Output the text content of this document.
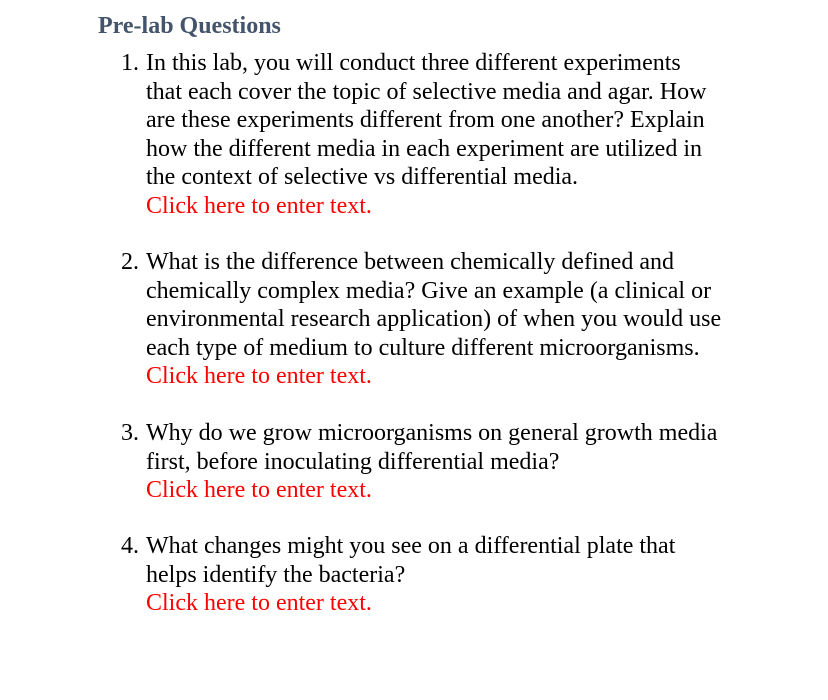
Pre-lab Questions
1. In this lab, you will conduct three different experiments
that each cover the topic of selective media and agar. How
are these experiments different from one another? Explain
how the different media in each experiment are utilized in
the context of selective vs differential media.
Click here to enter text.
2. What is the difference between chemically defined and
chemically complex media? Give an example (a clinical or
environmental research application) of when you would use
each type of medium to culture different microorganisms.
Click here to enter text.
3. Why do we grow microorganisms on general growth media
first, before inoculating differential media?
Click here to enter text.
4. What changes might you see on a differential plate that
helps identify the bacteria?
Click here to enter text.
